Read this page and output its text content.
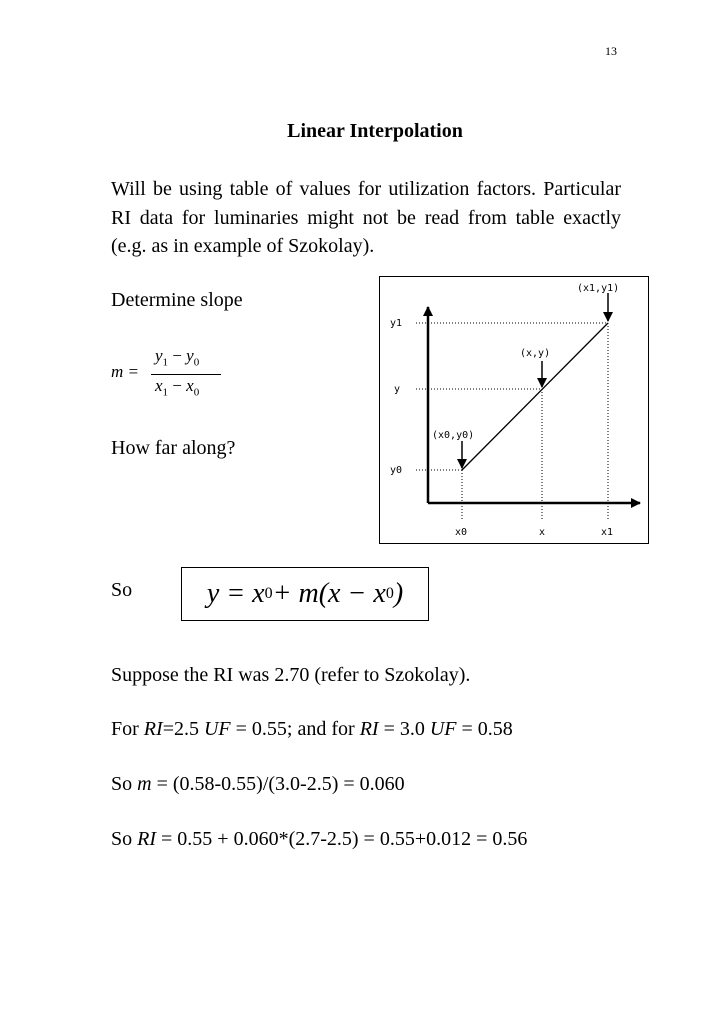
13
Linear Interpolation
Will be using table of values for utilization factors. Particular RI data for luminaries might not be read from table exactly (e.g. as in example of Szokolay).
Determine slope
m =
$y_1 - y_0$
$x_1 - x_0$
How far along?
(x1,y1)
(x,y)
(x0,y0)
y1
y
y0
x0	x	x1
So	y = x 0 + m(x − x 0 )
Suppose the RI was 2.70 (refer to Szokolay).
For RI=2.5 UF = 0.55; and for RI = 3.0 UF = 0.58
So m = (0.58-0.55)/(3.0-2.5) = 0.060
So RI = 0.55 + 0.060*(2.7-2.5) = 0.55+0.012 = 0.56
